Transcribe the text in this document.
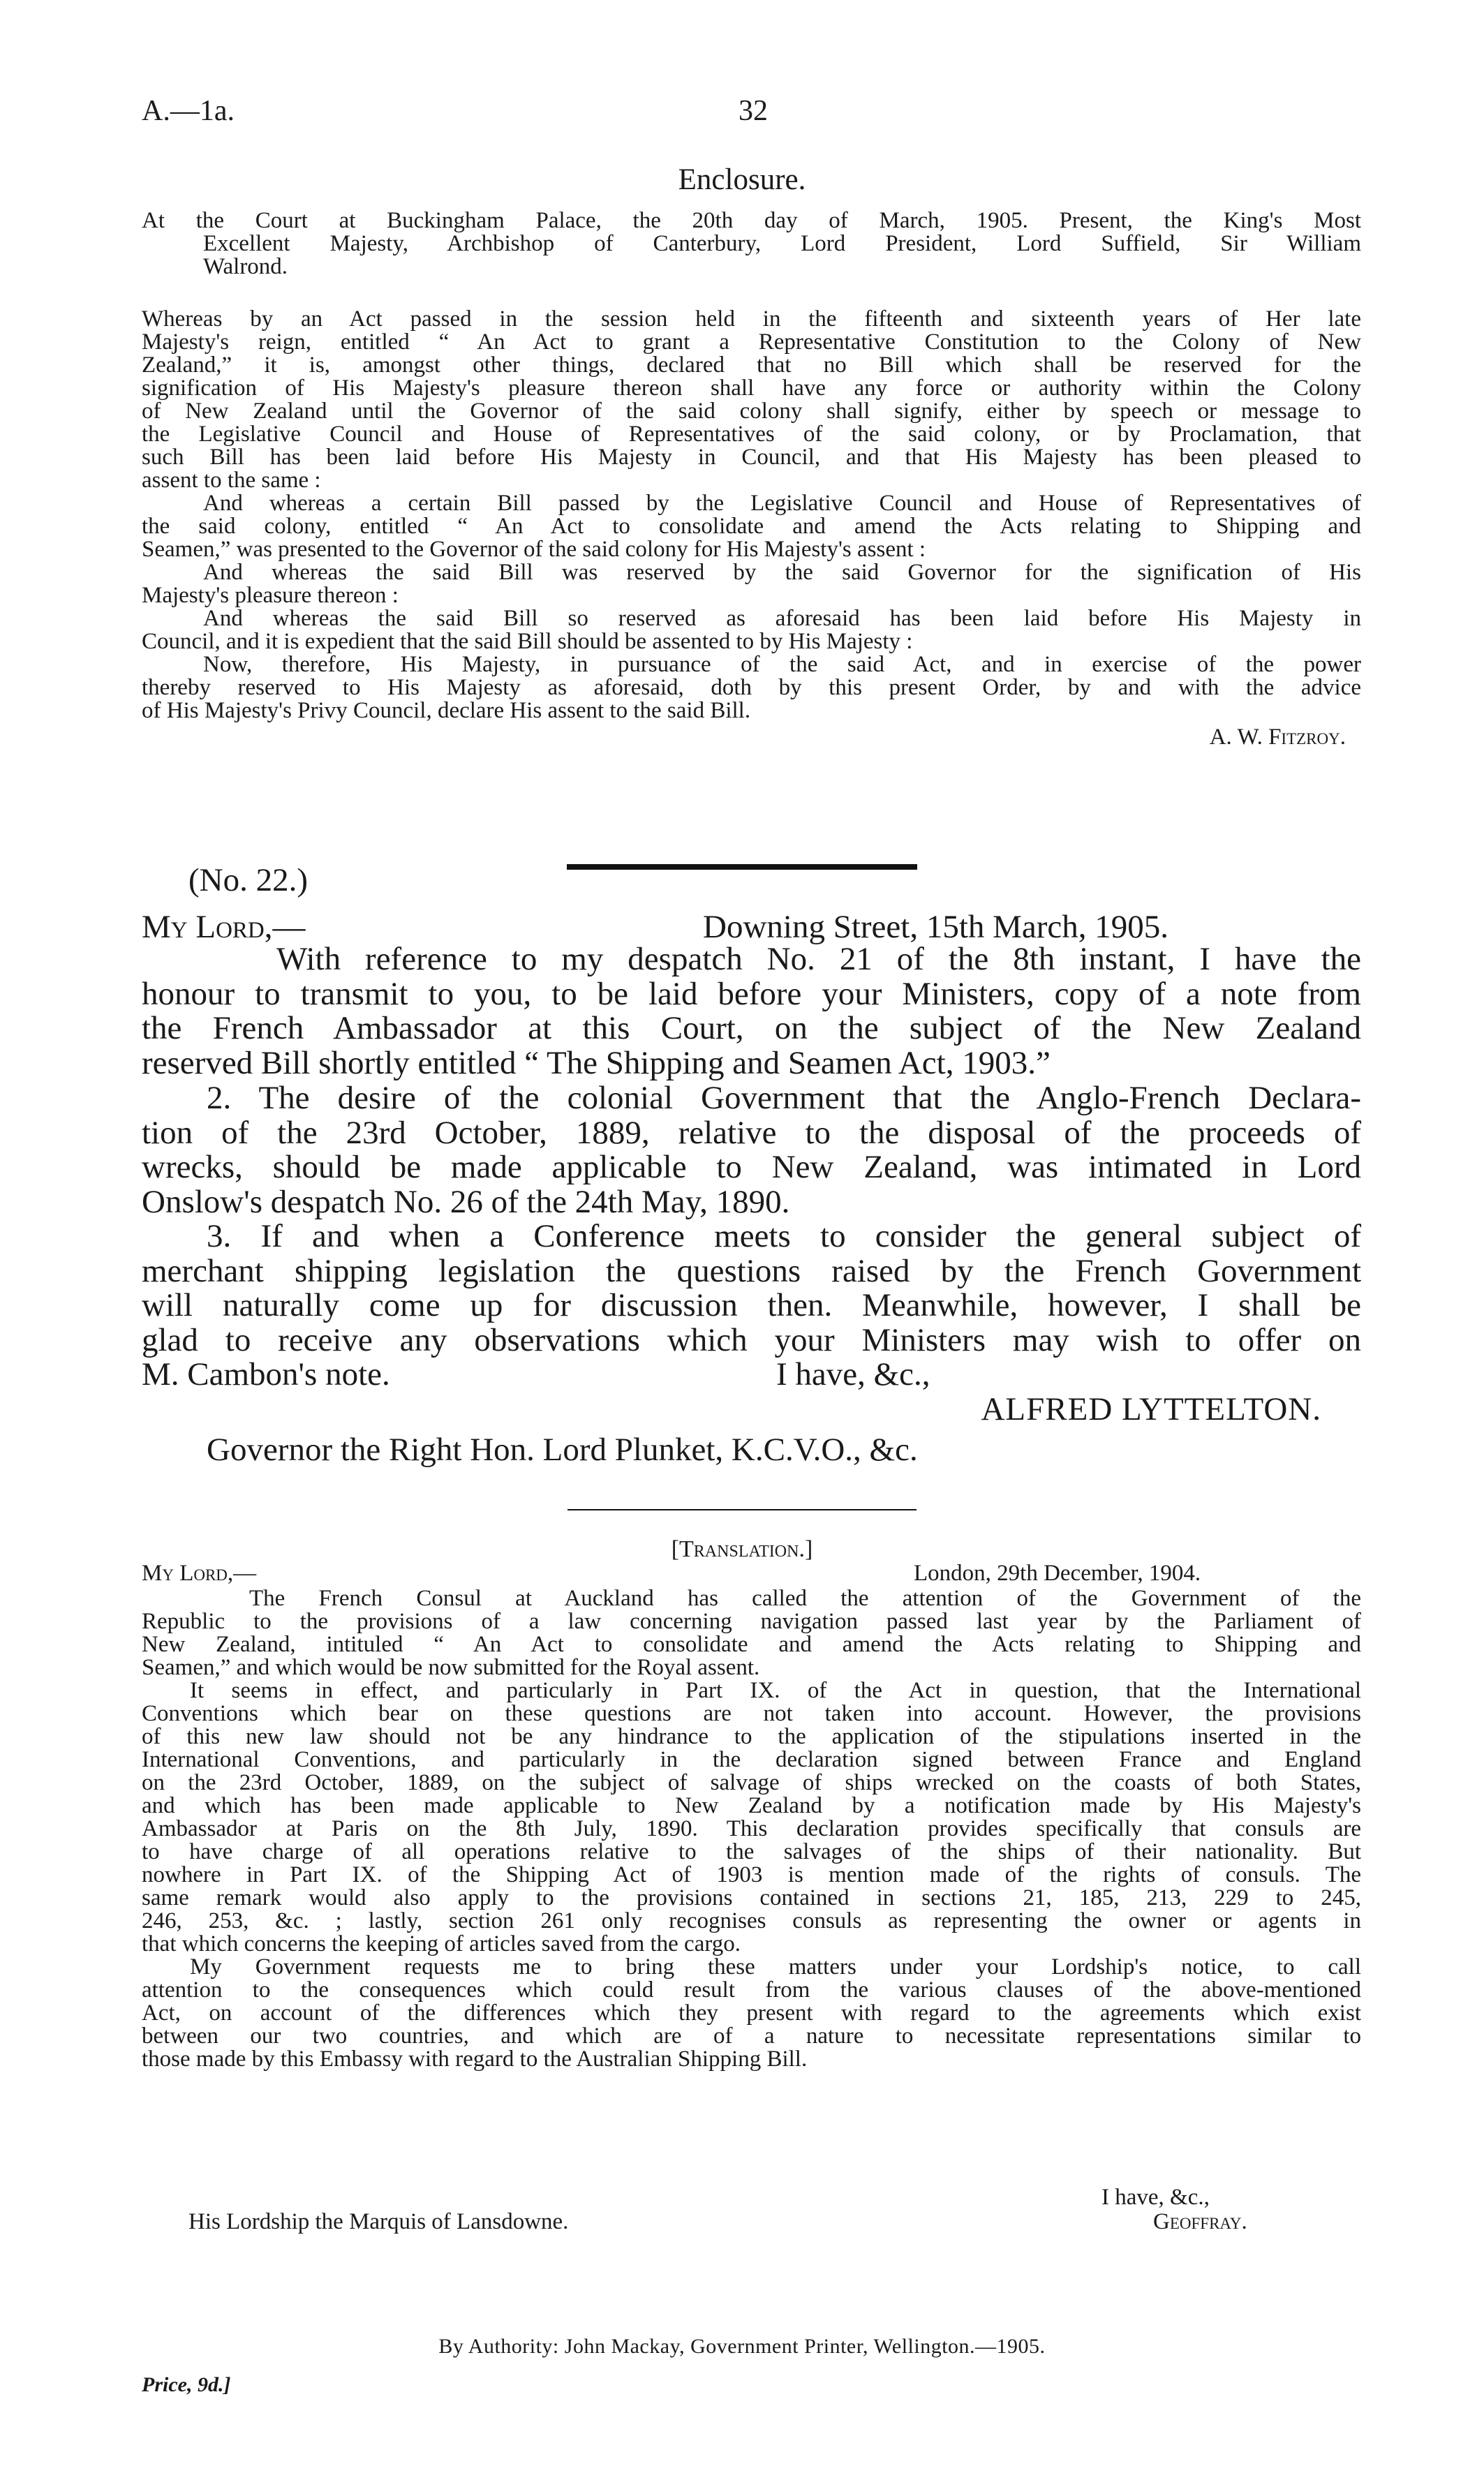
A.—1a.	32
Enclosure.
At the Court at Buckingham Palace, the 20th day of March, 1905. Present, the King's Most
Excellent Majesty, Archbishop of Canterbury, Lord President, Lord Suffield, Sir William
Walrond.
Whereas by an Act passed in the session held in the fifteenth and sixteenth years of Her late
Majesty's reign, entitled “ An Act to grant a Representative Constitution to the Colony of New
Zealand,” it is, amongst other things, declared that no Bill which shall be reserved for the
signification of His Majesty's pleasure thereon shall have any force or authority within the Colony
of New Zealand until the Governor of the said colony shall signify, either by speech or message to
the Legislative Council and House of Representatives of the said colony, or by Proclamation, that
such Bill has been laid before His Majesty in Council, and that His Majesty has been pleased to
assent to the same :
And whereas a certain Bill passed by the Legislative Council and House of Representatives of
the said colony, entitled “ An Act to consolidate and amend the Acts relating to Shipping and
Seamen,” was presented to the Governor of the said colony for His Majesty's assent :
And whereas the said Bill was reserved by the said Governor for the signification of His
Majesty's pleasure thereon :
And whereas the said Bill so reserved as aforesaid has been laid before His Majesty in
Council, and it is expedient that the said Bill should be assented to by His Majesty :
Now, therefore, His Majesty, in pursuance of the said Act, and in exercise of the power
thereby reserved to His Majesty as aforesaid, doth by this present Order, by and with the advice
of His Majesty's Privy Council, declare His assent to the said Bill.
A. W. Fitzroy.
(No. 22.)
My Lord,—	Downing Street, 15th March, 1905.
With reference to my despatch No. 21 of the 8th instant, I have the
honour to transmit to you, to be laid before your Ministers, copy of a note from
the French Ambassador at this Court, on the subject of the New Zealand
reserved Bill shortly entitled “ The Shipping and Seamen Act, 1903.”
2. The desire of the colonial Government that the Anglo-French Declara-
tion of the 23rd October, 1889, relative to the disposal of the proceeds of
wrecks, should be made applicable to New Zealand, was intimated in Lord
Onslow's despatch No. 26 of the 24th May, 1890.
3. If and when a Conference meets to consider the general subject of
merchant shipping legislation the questions raised by the French Government
will naturally come up for discussion then. Meanwhile, however, I shall be
glad to receive any observations which your Ministers may wish to offer on
M. Cambon's note.	I have, &c.,
ALFRED LYTTELTON.
Governor the Right Hon. Lord Plunket, K.C.V.O., &c.
[Translation.]
My Lord,—	London, 29th December, 1904.
The French Consul at Auckland has called the attention of the Government of the
Republic to the provisions of a law concerning navigation passed last year by the Parliament of
New Zealand, intituled “ An Act to consolidate and amend the Acts relating to Shipping and
Seamen,” and which would be now submitted for the Royal assent.
It seems in effect, and particularly in Part IX. of the Act in question, that the International
Conventions which bear on these questions are not taken into account. However, the provisions
of this new law should not be any hindrance to the application of the stipulations inserted in the
International Conventions, and particularly in the declaration signed between France and England
on the 23rd October, 1889, on the subject of salvage of ships wrecked on the coasts of both States,
and which has been made applicable to New Zealand by a notification made by His Majesty's
Ambassador at Paris on the 8th July, 1890. This declaration provides specifically that consuls are
to have charge of all operations relative to the salvages of the ships of their nationality. But
nowhere in Part IX. of the Shipping Act of 1903 is mention made of the rights of consuls. The
same remark would also apply to the provisions contained in sections 21, 185, 213, 229 to 245,
246, 253, &c. ; lastly, section 261 only recognises consuls as representing the owner or agents in
that which concerns the keeping of articles saved from the cargo.
My Government requests me to bring these matters under your Lordship's notice, to call
attention to the consequences which could result from the various clauses of the above-mentioned
Act, on account of the differences which they present with regard to the agreements which exist
between our two countries, and which are of a nature to necessitate representations similar to
those made by this Embassy with regard to the Australian Shipping Bill.
I have, &c.,
His Lordship the Marquis of Lansdowne.	Geoffray.
By Authority: John Mackay, Government Printer, Wellington.—1905.
Price, 9d.]
